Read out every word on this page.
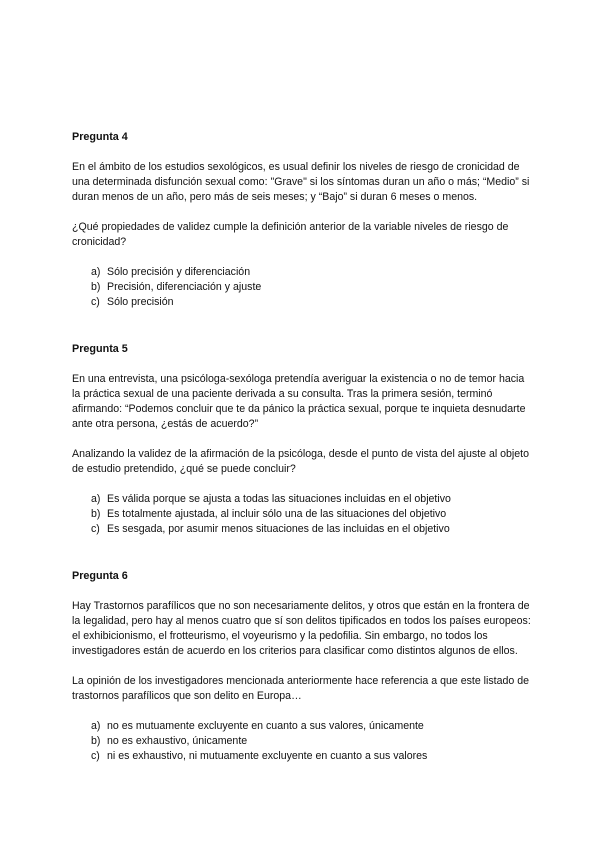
Pregunta 4

En el ámbito de los estudios sexológicos, es usual definir los niveles de riesgo de cronicidad de una determinada disfunción sexual como: "Grave" si los síntomas duran un año o más; “Medio” si duran menos de un año, pero más de seis meses; y “Bajo” si duran 6 meses o menos.

¿Qué propiedades de validez cumple la definición anterior de la variable niveles de riesgo de cronicidad?

a) Sólo precisión y diferenciación
b) Precisión, diferenciación y ajuste
c) Sólo precisión
Pregunta 5

En una entrevista, una psicóloga-sexóloga pretendía averiguar la existencia o no de temor hacia la práctica sexual de una paciente derivada a su consulta. Tras la primera sesión, terminó afirmando: “Podemos concluir que te da pánico la práctica sexual, porque te inquieta desnudarte ante otra persona, ¿estás de acuerdo?”

Analizando la validez de la afirmación de la psicóloga, desde el punto de vista del ajuste al objeto de estudio pretendido, ¿qué se puede concluir?

a) Es válida porque se ajusta a todas las situaciones incluidas en el objetivo
b) Es totalmente ajustada, al incluir sólo una de las situaciones del objetivo
c) Es sesgada, por asumir menos situaciones de las incluidas en el objetivo
Pregunta 6

Hay Trastornos parafílicos que no son necesariamente delitos, y otros que están en la frontera de la legalidad, pero hay al menos cuatro que sí son delitos tipificados en todos los países europeos: el exhibicionismo, el frotteurismo, el voyeurismo y la pedofilia. Sin embargo, no todos los investigadores están de acuerdo en los criterios para clasificar como distintos algunos de ellos.

La opinión de los investigadores mencionada anteriormente hace referencia a que este listado de trastornos parafílicos que son delito en Europa…

a) no es mutuamente excluyente en cuanto a sus valores, únicamente
b) no es exhaustivo, únicamente
c) ni es exhaustivo, ni mutuamente excluyente en cuanto a sus valores
